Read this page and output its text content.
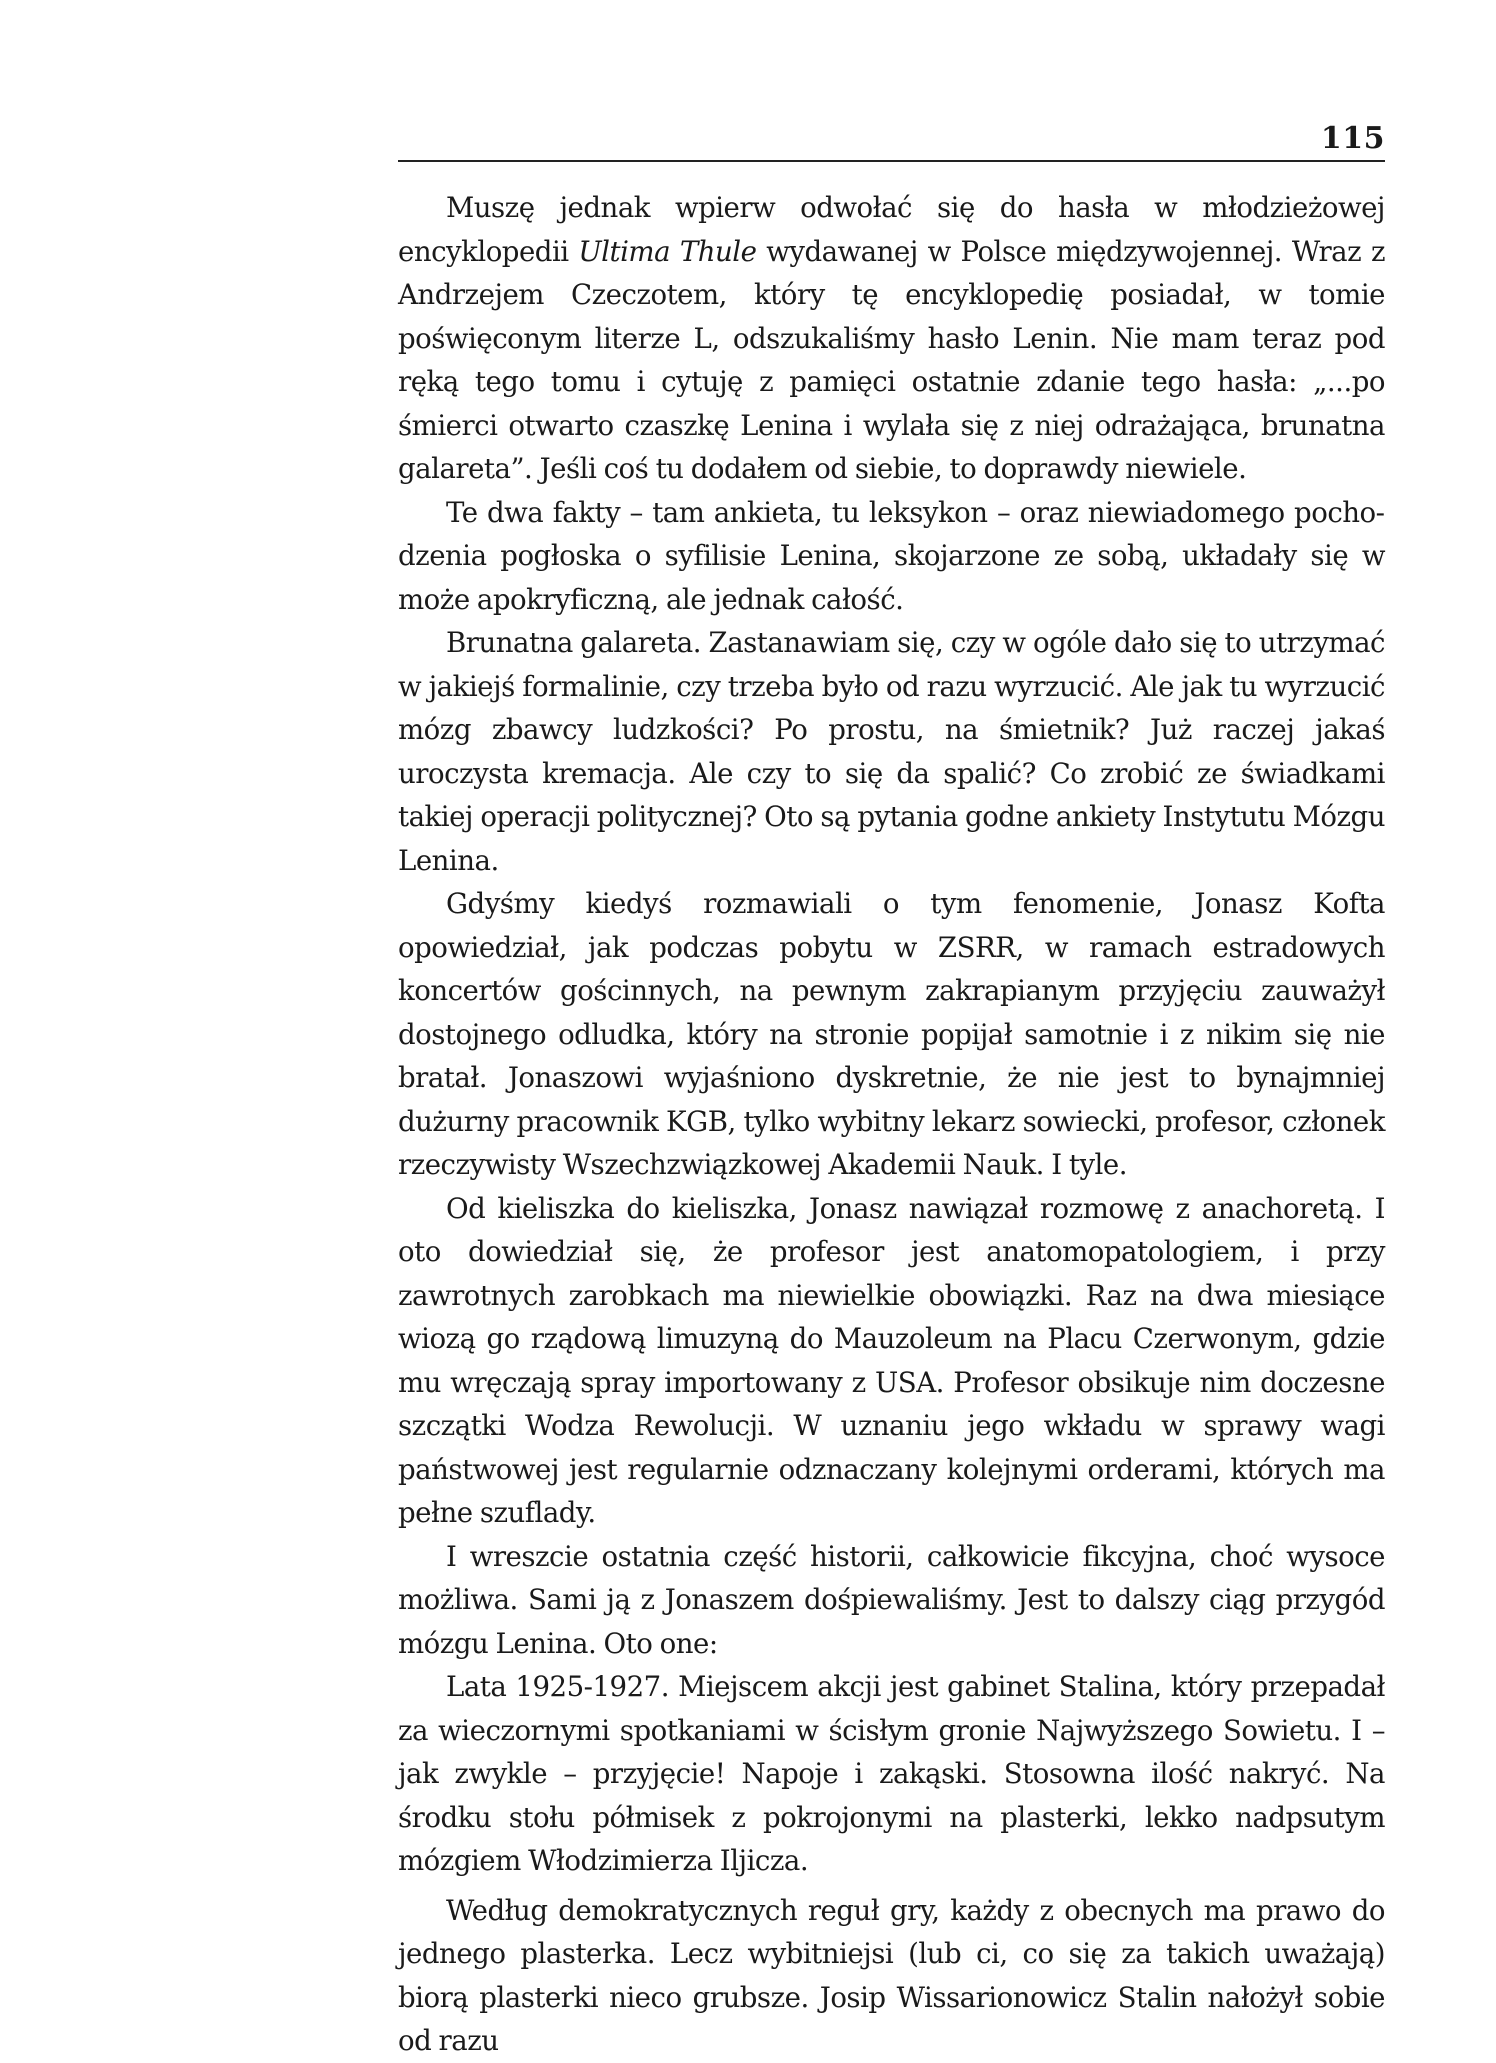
115

Muszę jednak wpierw odwołać się do hasła w młodzieżowej encyklopedii Ultima Thule wydawanej w Polsce międzywojennej. Wraz z Andrzejem Czeczotem, który tę encyklopedię posiadał, w tomie poświęconym literze L, odszukaliśmy hasło Lenin. Nie mam teraz pod ręką tego tomu i cytuję z pamięci ostatnie zdanie tego hasła: „...po śmierci otwarto czaszkę Lenina i wylała się z niej odrażająca, brunatna galareta”. Jeśli coś tu dodałem od siebie, to doprawdy niewiele.

Te dwa fakty – tam ankieta, tu leksykon – oraz niewiadomego pochodzenia pogłoska o syfilisie Lenina, skojarzone ze sobą, układały się w może apokryficzną, ale jednak całość.

Brunatna galareta. Zastanawiam się, czy w ogóle dało się to utrzymać w jakiejś formalinie, czy trzeba było od razu wyrzucić. Ale jak tu wyrzucić mózg zbawcy ludzkości? Po prostu, na śmietnik? Już raczej jakaś uroczysta kremacja. Ale czy to się da spalić? Co zrobić ze świadkami takiej operacji politycznej? Oto są pytania godne ankiety Instytutu Mózgu Lenina.

Gdyśmy kiedyś rozmawiali o tym fenomenie, Jonasz Kofta opowiedział, jak podczas pobytu w ZSRR, w ramach estradowych koncertów gościnnych, na pewnym zakrapianym przyjęciu zauważył dostojnego odludka, który na stronie popijał samotnie i z nikim się nie bratał. Jonaszowi wyjaśniono dyskretnie, że nie jest to bynajmniej dużurny pracownik KGB, tylko wybitny lekarz sowiecki, profesor, członek rzeczywisty Wszechzwiązkowej Akademii Nauk. I tyle.

Od kieliszka do kieliszka, Jonasz nawiązał rozmowę z anachoretą. I oto dowiedział się, że profesor jest anatomopatologiem, i przy zawrotnych zarobkach ma niewielkie obowiązki. Raz na dwa miesiące wiozą go rządową limuzyną do Mauzoleum na Placu Czerwonym, gdzie mu wręczają spray importowany z USA. Profesor obsikuje nim doczesne szczątki Wodza Rewolucji. W uznaniu jego wkładu w sprawy wagi państwowej jest regularnie odznaczany kolejnymi orderami, których ma pełne szuflady.

I wreszcie ostatnia część historii, całkowicie fikcyjna, choć wysoce możliwa. Sami ją z Jonaszem dośpiewaliśmy. Jest to dalszy ciąg przygód mózgu Lenina. Oto one:

Lata 1925-1927. Miejscem akcji jest gabinet Stalina, który przepadał za wieczornymi spotkaniami w ścisłym gronie Najwyższego Sowietu. I – jak zwykle – przyjęcie! Napoje i zakąski. Stosowna ilość nakryć. Na środku stołu półmisek z pokrojonymi na plasterki, lekko nadpsutym mózgiem Włodzimierza Iljicza.

Według demokratycznych reguł gry, każdy z obecnych ma prawo do jednego plasterka. Lecz wybitniejsi (lub ci, co się za takich uważają) biorą plasterki nieco grubsze. Josip Wissarionowicz Stalin nałożył sobie od razu
